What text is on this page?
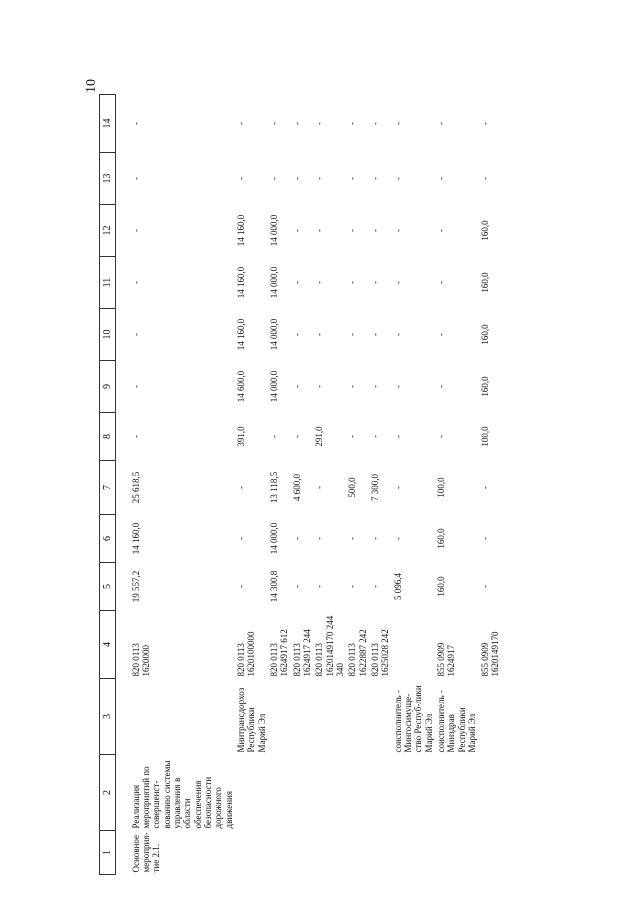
10
1	2	3	4	5	6	7	8	9	10	11	12	13	14

Основное мероприя-тие 2.1.	Реализация мероприятий по совершенст-вованию системы управления в области обеспечения безопасности дорожного движения		820 0113 1620000	19 557,2	14 160,0	25 618,5	-	-	-	-	-	-	-
		Минтрансдорхоз Республики Марий Эл	820 0113 1620100000	-	-	-	391,0	14 600,0	14 160,0	14 160,0	14 160,0	-	-
			820 0113 1624917 612	14 300,8	14 000,0	13 118,5	-	14 000,0	14 000,0	14 000,0	14 000,0	-	-
			820 0113 1624917 244	-	-	4 600,0	-	-	-	-	-	-	-
			820 0113 1620149170 244 340	-	-	-	291,0	-	-	-	-	-	-
			820 0113 1622887 242	-	-	500,0	-	-	-	-	-	-	-
			820 0113 1625028 242	-	-	7 300,0	-	-	-	-	-	-	-
		соисполнитель - Мингосимуще-ство Респуб-лики Марий Эл		5 096,4	-	-	-	-	-	-	-	-	-
		соисполнитель - Минздрав Республики Марий Эл	855 0909 1624917	160,0	160,0	100,0	-	-	-	-	-	-	-
			855 0909 1620149170	-	-	-	100,0	160,0	160,0	160,0	160,0	-	-
